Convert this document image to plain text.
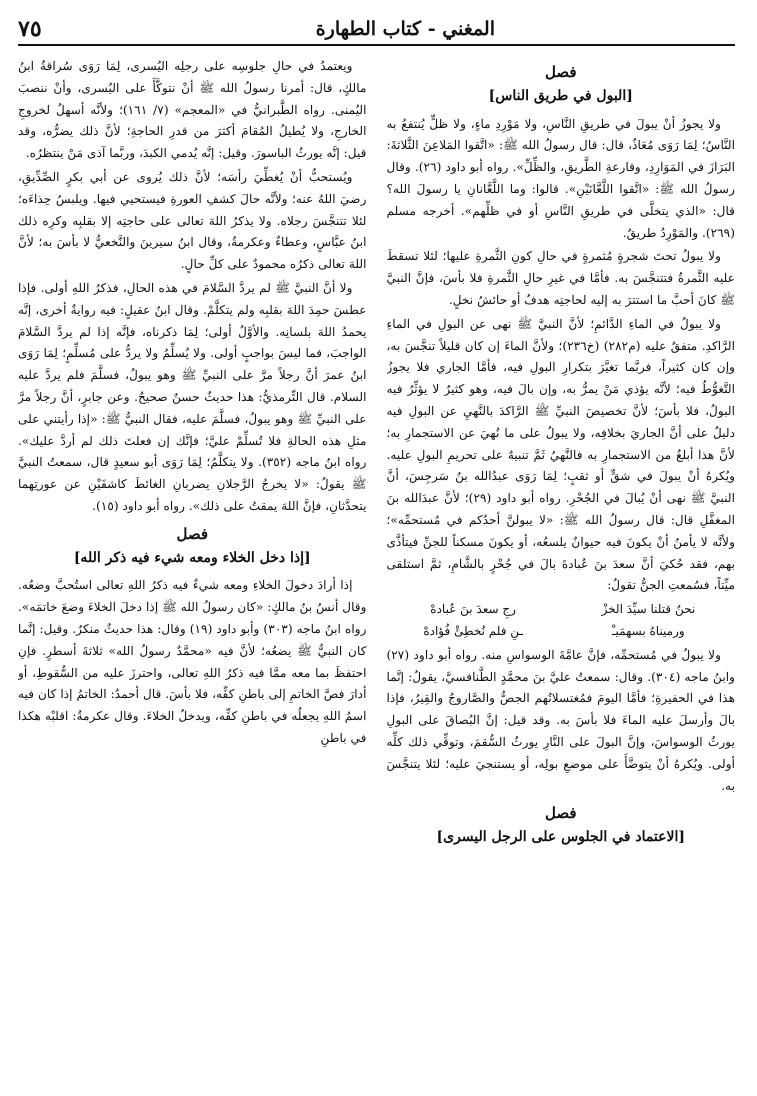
المغني - كتاب الطهارة
٧٥
فصل
[البول في طريق الناس]

ولا يجوزُ أنْ يبولَ في طريقِ النَّاسِ، ولا مَوْرِدِ ماءٍ، ولا ظلٍّ يُنتفعُ به النَّاسُ؛ لِمَا رَوَى مُعَاذٌ، قال: قال رسولُ الله ﷺ: «اتَّقوا المَلاعِنَ الثَّلاثةَ: البَرَازَ في المَوَارِدِ، وقارعةِ الطَّريقِ، والظِّلِّ». رواه أبو داود (٢٦). وقال رسولُ الله ﷺ: «اتَّقوا اللَّعَّانَيْنِ». قالوا: وما اللَّعَّانانِ يا رسولَ الله؟ قال: «الذي يتخلَّى في طريقِ النَّاسِ أو في ظلِّهم». أخرجه مسلم (٢٦٩). والمَوْرِدُ طريقٌ.

ولا يبولُ تحتَ شجرةٍ مُثمرةٍ في حالِ كونِ الثَّمرةِ عليها؛ لئلا تسقطَ عليه الثَّمرةُ فتتنجَّسَ به. فأمَّا في غيرِ حالِ الثَّمرةِ فلا بأسَ، فإنَّ النبيَّ ﷺ كانَ أحبَّ ما استترَ به إليه لحاجتِه هدفٌ أو حائشُ نخلٍ.

ولا يبولُ في الماءِ الدَّائمِ؛ لأنَّ النبيَّ ﷺ نهى عن البولِ في الماءِ الرَّاكدِ. متفقٌ عليه (م٢٨٢) (خ٢٣٦)؛ ولأنَّ الماءَ إن كان قليلاً تنجَّسَ به، وإن كان كثيراً، فربَّما تغيَّرَ بتكرارِ البولِ فيه، فأمَّا الجاري فلا يجوزُ التَّغوُّطُ فيه؛ لأنَّه يؤذي مَنْ يمرُّ به، وإن بالَ فيه، وهو كثيرٌ لا يؤثِّرُ فيه البولُ، فلا بأسَ؛ لأنَّ تخصيصَ النبيِّ ﷺ الرَّاكدَ بالنَّهيِ عن البولِ فيه دليلٌ على أنَّ الجاريَ بخلافِه، ولا يبولُ على ما نُهيَ عن الاستجمارِ به؛ لأنَّ هذا أبلغُ من الاستجمارِ به فالنَّهيُ ثَمَّ تنبيهٌ على تحريمِ البولِ عليه. ويُكرهُ أنْ يبولَ في شقٍّ أو ثقبٍ؛ لِمَا رَوَى عبدُالله بنُ سَرجِسَ، أنَّ النبيَّ ﷺ نهى أنْ يُبالَ في الجُحْرِ. رواه أبو داود (٢٩)؛ لأنَّ عبدَالله بنَ المغفَّلِ قال: قال رسولُ الله ﷺ: «لا يبولنَّ أحدُكم في مُستحمِّه»؛ ولأنَّه لا يأمنُ أنْ يكونَ فيه حيوانٌ يلسعُه، أو يكونَ مسكناً للجنِّ فيتأذَّى بهم، فقد حُكيَ أنَّ سعدَ بنَ عُبادةَ بالَ في جُحْرٍ بالشَّامِ، ثمَّ استلقى ميِّتاً، فسُمعتِ الجنُّ تقولُ:

نحنُ قتلنا سيِّدَ الخزْ
رجِ سعدَ بنَ عُبادهْ
ورميناهُ بسهمَيـْ
ـنِ فلم نُخطِئْ فُؤادهْ

ولا يبولُ في مُستحمِّه، فإنَّ عامَّةَ الوسواسِ منه. رواه أبو داود (٢٧) وابنُ ماجه (٣٠٤). وقال: سمعتُ عليَّ بنَ محمَّدٍ الطَّنافسيَّ، يقولُ: إنَّما هذا في الحفيرةِ؛ فأمَّا اليومَ فمُغتسلاتُهم الجصُّ والصَّاروجُ والقِيرُ، فإذا بالَ وأرسلَ عليه الماءَ فلا بأسَ به. وقد قيل: إنَّ البُصاقَ على البولِ يورثُ الوسواسَ، وإنَّ البولَ على النَّارِ يورثُ السُّقمَ، وتوقِّي ذلك كلِّه أولى. ويُكرهُ أنْ يتوضَّأَ على موضعِ بولِه، أو يستنجيَ عليه؛ لئلا يتنجَّسَ به.

فصل
[الاعتماد في الجلوس على الرجل اليسرى]

ويعتمدُ في حالِ جلوسِه على رجلِه اليُسرى، لِمَا رَوَى سُراقةُ ابنُ مالكٍ، قال: أمرنا رسولُ الله ﷺ أنْ نتوكَّأَ على اليُسرى، وأنْ ننصبَ اليُمنى. رواه الطَّبرانيُّ في «المعجم» (٧/ ١٦١)؛ ولأنَّه أسهلُ لخروجِ الخارجِ، ولا يُطيلُ المُقامَ أكثرَ من قدرِ الحاجةِ؛ لأنَّ ذلك يضرُّه، وقد قيل: إنَّه يورثُ الباسورَ. وقيل: إنَّه يُدمي الكبدَ، وربَّما آذى مَنْ ينتظرُه.

ويُستحبُّ أنْ يُغطِّيَ رأسَه؛ لأنَّ ذلك يُروى عن أبي بكرٍ الصِّدِّيقِ، رضيَ اللهُ عنه؛ ولأنَّه حالَ كشفِ العورةِ فيستحيي فيها. ويلبسُ حِذاءَه؛ لئلا تتنجَّسَ رجلاه. ولا يذكرُ اللهَ تعالى على حاجتِه إلا بقلبِه وكرِه ذلك ابنُ عبَّاسٍ، وعطاءٌ وعكرمةُ، وقال ابنُ سيرينَ والنَّخعيُّ لا بأسَ به؛ لأنَّ اللهَ تعالى ذكرُه محمودٌ على كلِّ حالٍ.

ولا أنَّ النبيَّ ﷺ لم يردَّ السَّلامَ في هذه الحالِ، فذكرُ اللهِ أولى. فإذا عطسَ حمِدَ اللهَ بقلبِه ولم يتكلَّمْ. وقال ابنُ عقيلٍ: فيه روايةٌ أخرى، إنَّه يحمدُ اللهَ بلسانِه. والأوَّلُ أولى؛ لِمَا ذكرناه، فإنَّه إذا لم يردَّ السَّلامَ الواجبَ، فما ليسَ بواجبٍ أولى. ولا يُسلِّمُ ولا يردُّ على مُسلِّمٍ؛ لِمَا رَوَى ابنُ عمرَ أنَّ رجلاً مرَّ على النبيِّ ﷺ وهو يبولُ، فسلَّمَ فلم يردَّ عليه السلام. قال التِّرمذيُّ: هذا حديثٌ حسنٌ صحيحٌ. وعن جابرٍ، أنَّ رجلاً مرَّ على النبيِّ ﷺ وهو يبولُ، فسلَّمَ عليه، فقال النبيُّ ﷺ: «إذا رأيتني على مثلِ هذه الحالةِ فلا تُسلِّمْ عليَّ؛ فإنَّك إن فعلتَ ذلك لم أردَّ عليك». رواه ابنُ ماجه (٣٥٢). ولا يتكلَّمُ؛ لِمَا رَوَى أبو سعيدٍ قال، سمعتُ النبيَّ ﷺ يقولُ: «لا يخرجُ الرَّجلانِ يضربانِ الغائطَ كاشفَيْنِ عن عورتِهما يتحدَّثانِ، فإنَّ اللهَ يمقتُ على ذلك». رواه أبو داود (١٥).

فصل
[إذا دخل الخلاء ومعه شيء فيه ذكر الله]

إذا أرادَ دخولَ الخلاءِ ومعه شيءٌ فيه ذكرُ اللهِ تعالى استُحبَّ وضعُه. وقال أنسُ بنُ مالكٍ: «كان رسولُ الله ﷺ إذا دخلَ الخلاءَ وضعَ خاتمَه». رواه ابنُ ماجه (٣٠٣) وأبو داود (١٩) وقال: هذا حديثٌ منكرٌ. وقيل: إنَّما كان النبيُّ ﷺ يضعُه؛ لأنَّ فيه «محمَّدٌ رسولُ الله» ثلاثةَ أسطرٍ. فإنِ احتفظَ بما معه ممَّا فيه ذكرُ اللهِ تعالى، واحترزَ عليه من السُّقوطِ، أو أدارَ فصَّ الخاتمِ إلى باطنِ كفِّه، فلا بأسَ. قال أحمدُ: الخاتمُ إذا كان فيه اسمُ اللهِ يجعلُه في باطنِ كفِّه، ويدخلُ الخلاءَ. وقال عكرمةُ: اقلبْه هكذا في باطنِ
